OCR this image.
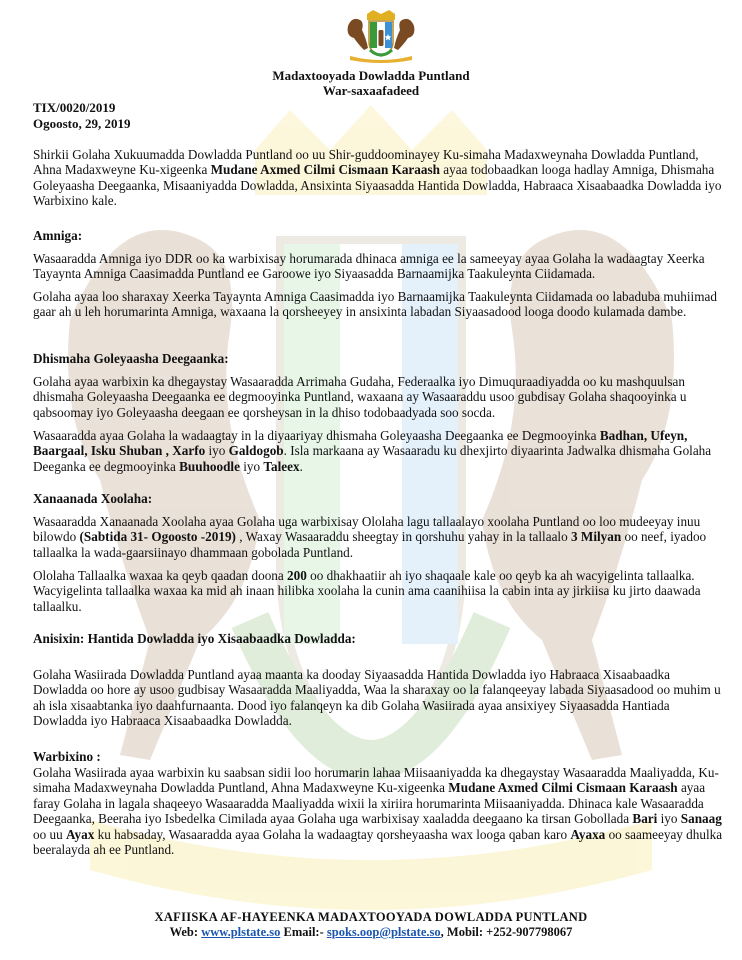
Madaxtooyada Dowladda Puntland
War-saxaafadeed
TIX/0020/2019
Ogoosto, 29, 2019

Shirkii Golaha Xukuumadda Dowladda Puntland oo uu Shir-guddoominayey Ku-simaha Madaxweynaha Dowladda Puntland, Ahna Madaxweyne Ku-xigeenka Mudane Axmed Cilmi Cismaan Karaash ayaa todobaadkan looga hadlay Amniga, Dhismaha Goleyaasha Deegaanka, Misaaniyadda Dowladda, Ansixinta Siyaasadda Hantida Dowladda, Habraaca Xisaabaadka Dowladda iyo Warbixino kale.

Amniga:
Wasaaradda Amniga iyo DDR oo ka warbixisay horumarada dhinaca amniga ee la sameeyay ayaa Golaha la wadaagtay Xeerka Tayaynta Amniga Caasimadda Puntland ee Garoowe iyo Siyaasadda Barnaamijka Taakuleynta Ciidamada.
Golaha ayaa loo sharaxay Xeerka Tayaynta Amniga Caasimadda iyo Barnaamijka Taakuleynta Ciidamada oo labaduba muhiimad gaar ah u leh horumarinta Amniga, waxaana la qorsheeyey in ansixinta labadan Siyaasadood looga doodo kulamada dambe.
Dhismaha Goleyaasha Deegaanka:
Golaha ayaa warbixin ka dhegaystay Wasaaradda Arrimaha Gudaha, Federaalka iyo Dimuquraadiyadda oo ku mashquulsan dhismaha Goleyaasha Deegaanka ee degmooyinka Puntland, waxaana ay Wasaaraddu usoo gubdisay Golaha shaqooyinka u qabsoomay iyo Goleyaasha deegaan ee qorsheysan in la dhiso todobaadyada soo socda.

Wasaaradda ayaa Golaha la wadaagtay in la diyaariyay dhismaha Goleyaasha Deegaanka ee Degmooyinka Badhan, Ufeyn, Baargaal, Isku Shuban , Xarfo iyo Galdogob. Isla markaana ay Wasaaradu ku dhexjirto diyaarinta Jadwalka dhismaha Golaha Deeganka ee degmooyinka Buuhoodle iyo Taleex.

Xanaanada Xoolaha:

Wasaaradda Xanaanada Xoolaha ayaa Golaha uga warbixisay Ololaha lagu tallaalayo xoolaha Puntland oo loo mudeeyay inuu bilowdo (Sabtida 31- Ogoosto -2019) , Waxay Wasaaraddu sheegtay in qorshuhu yahay in la tallaalo 3 Milyan oo neef, iyadoo tallaalka la wada-gaarsiinayo dhammaan gobolada Puntland.

Ololaha Tallaalka waxaa ka qeyb qaadan doona 200 oo dhakhaatiir ah iyo shaqaale kale oo qeyb ka ah wacyigelinta tallaalka. Wacyigelinta tallaalka waxaa ka mid ah inaan hilibka xoolaha la cunin ama caanihiisa la cabin inta ay jirkiisa ku jirto daawada tallaalku.

Anisixin: Hantida Dowladda iyo Xisaabaadka Dowladda:
Golaha Wasiirada Dowladda Puntland ayaa maanta ka dooday Siyaasadda Hantida Dowladda iyo Habraaca Xisaabaadka Dowladda oo hore ay usoo gudbisay Wasaaradda Maaliyadda, Waa la sharaxay oo la falanqeeyay labada Siyaasadood oo muhim u ah isla xisaabtanka iyo daahfurnaanta. Dood iyo falanqeyn ka dib Golaha Wasiirada ayaa ansixiyey Siyaasadda Hantiada Dowladda iyo Habraaca Xisaabaadka Dowladda.
Warbixino :

Golaha Wasiirada ayaa warbixin ku saabsan sidii loo horumarin lahaa Miisaaniyadda ka dhegaystay Wasaaradda Maaliyadda, Ku-simaha Madaxweynaha Dowladda Puntland, Ahna Madaxweyne Ku-xigeenka Mudane Axmed Cilmi Cismaan Karaash ayaa faray Golaha in lagala shaqeeyo Wasaaradda Maaliyadda wixii la xiriira horumarinta Miisaaniyadda. Dhinaca kale Wasaaradda Deegaanka, Beeraha iyo Isbedelka Cimilada ayaa Golaha uga warbixisay xaaladda deegaano ka tirsan Gobollada Bari iyo Sanaag oo uu Ayax ku habsaday, Wasaaradda ayaa Golaha la wadaagtay qorsheyaasha wax looga qaban karo Ayaxa oo saameeyay dhulka beeralayda ah ee Puntland.

XAFIISKA AF-HAYEENKA MADAXTOOYADA DOWLADDA PUNTLAND
Web: www.plstate.so Email:- spoks.oop@plstate.so, Mobil: +252-907798067
